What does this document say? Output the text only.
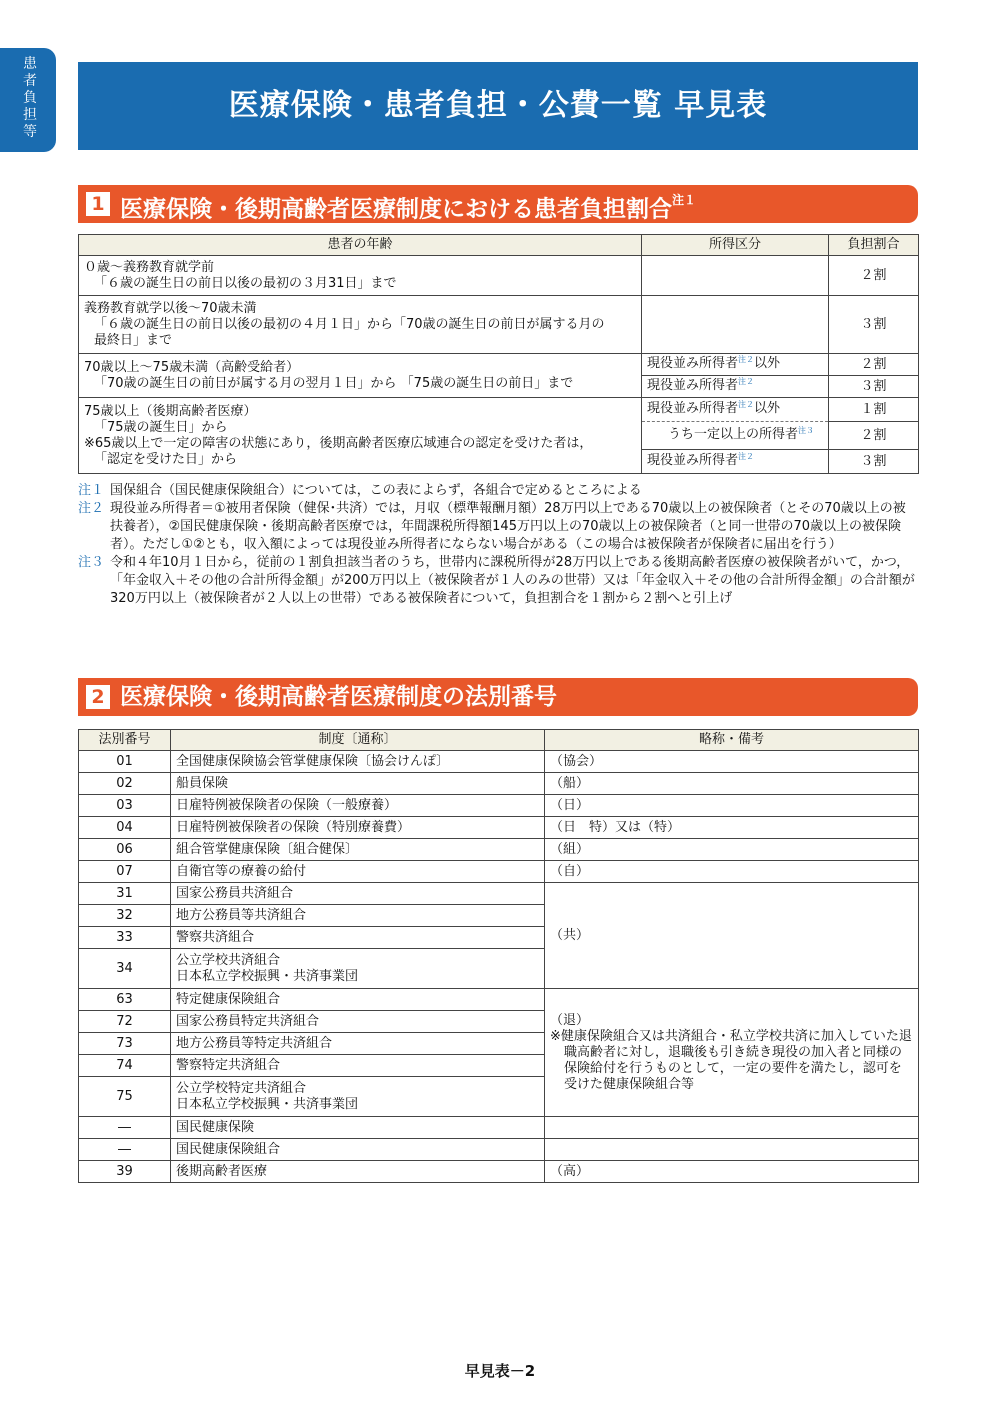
患者負担等
医療保険・患者負担・公費一覧 早見表
1 医療保険・後期高齢者医療制度における患者負担割合$^{注1}$
患者の年齢	所得区分	負担割合

０歳～義務教育就学前
「６歳の誕生日の前日以後の最初の３月31日」まで		２割

義務教育就学以後～70歳未満
「６歳の誕生日の前日以後の最初の４月１日」から「70歳の誕生日の前日が属する月の
最終日」まで		３割

70歳以上～75歳未満（高齢受給者）
「70歳の誕生日の前日が属する月の翌月１日」から 「75歳の誕生日の前日」まで	現役並み所得者$^{注2}$以外	２割
	現役並み所得者$^{注2}$	３割

75歳以上（後期高齢者医療）
「75歳の誕生日」から
※65歳以上で一定の障害の状態にあり，後期高齢者医療広域連合の認定を受けた者は，
「認定を受けた日」から	現役並み所得者$^{注2}$以外	１割
	うち一定以上の所得者$^{注3}$	２割
	現役並み所得者$^{注2}$	３割
注１ 国保組合（国民健康保険組合）については，この表によらず，各組合で定めるところによる
注２ 現役並み所得者＝①被用者保険（健保･共済）では，月収（標準報酬月額）28万円以上である70歳以上の被保険者（とその70歳以上の被扶養者），②国民健康保険・後期高齢者医療では，年間課税所得額145万円以上の70歳以上の被保険者（と同一世帯の70歳以上の被保険者）。ただし①②とも，収入額によっては現役並み所得者にならない場合がある（この場合は被保険者が保険者に届出を行う）
注３ 令和４年10月１日から，従前の１割負担該当者のうち，世帯内に課税所得が28万円以上である後期高齢者医療の被保険者がいて，かつ，「年金収入＋その他の合計所得金額」が200万円以上（被保険者が１人のみの世帯）又は「年金収入＋その他の合計所得金額」の合計額が320万円以上（被保険者が２人以上の世帯）である被保険者について，負担割合を１割から２割へと引上げ
2 医療保険・後期高齢者医療制度の法別番号
法別番号	制度〔通称〕	略称・備考
01	全国健康保険協会管掌健康保険〔協会けんぽ〕	（協会）
02	船員保険	（船）
03	日雇特例被保険者の保険（一般療養）	（日）
04	日雇特例被保険者の保険（特別療養費）	（日　特）又は（特）
06	組合管掌健康保険〔組合健保〕	（組）
07	自衛官等の療養の給付	（自）
31	国家公務員共済組合	（共）
32	地方公務員等共済組合	
33	警察共済組合	
34	公立学校共済組合
日本私立学校振興・共済事業団	

63	特定健康保険組合	（退）
※健康保険組合又は共済組合・私立学校共済に加入していた退職高齢者に対し，退職後も引き続き現役の加入者と同様の保険給付を行うものとして，一定の要件を満たし，認可を受けた健康保険組合等

72	国家公務員特定共済組合	
73	地方公務員等特定共済組合	
74	警察特定共済組合	
75	公立学校特定共済組合
日本私立学校振興・共済事業団	

―	国民健康保険	
―	国民健康保険組合	
39	後期高齢者医療	（高）
早見表－2
